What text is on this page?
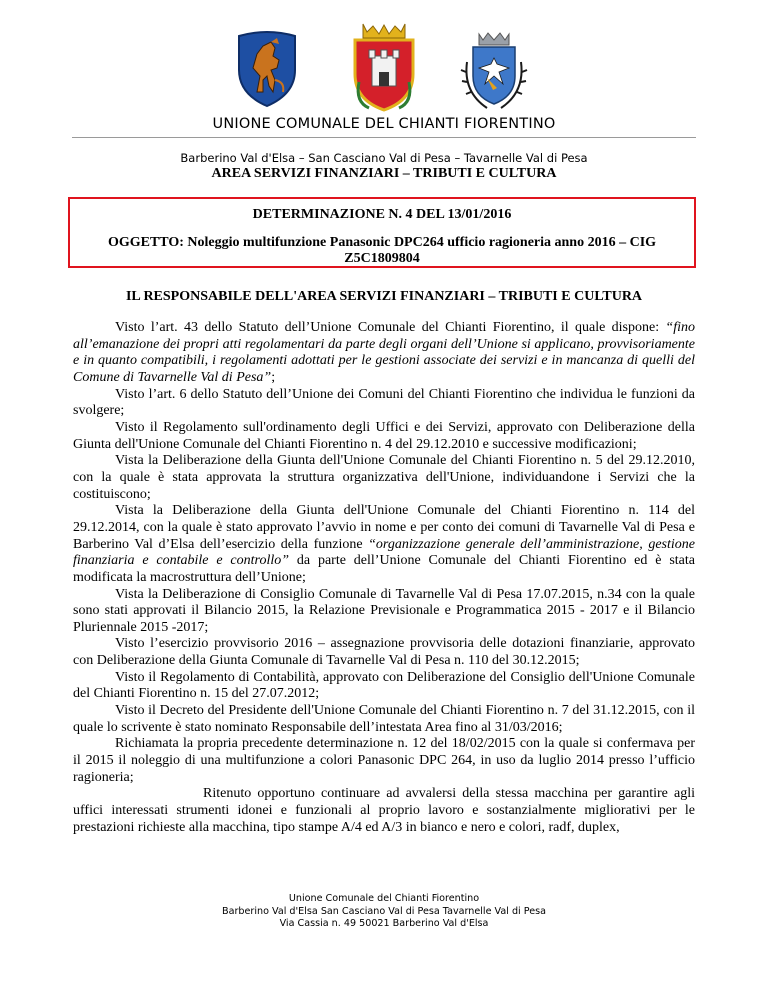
UNIONE COMUNALE DEL CHIANTI FIORENTINO
Barberino Val d'Elsa – San Casciano Val di Pesa – Tavarnelle Val di Pesa
AREA SERVIZI FINANZIARI – TRIBUTI E CULTURA
DETERMINAZIONE N. 4 DEL 13/01/2016
OGGETTO: Noleggio multifunzione Panasonic DPC264 ufficio ragioneria anno 2016 – CIG Z5C1809804
IL RESPONSABILE DELL'AREA SERVIZI FINANZIARI – TRIBUTI E CULTURA

Visto l’art. 43 dello Statuto dell’Unione Comunale del Chianti Fiorentino, il quale dispone: “fino all’emanazione dei propri atti regolamentari da parte degli organi dell’Unione si applicano, provvisoriamente e in quanto compatibili, i regolamenti adottati per le gestioni associate dei servizi e in mancanza di quelli del Comune di Tavarnelle Val di Pesa”;

Visto l’art. 6 dello Statuto dell’Unione dei Comuni del Chianti Fiorentino che individua le funzioni da svolgere;

Visto il Regolamento sull'ordinamento degli Uffici e dei Servizi, approvato con Deliberazione della Giunta dell'Unione Comunale del Chianti Fiorentino n. 4 del 29.12.2010 e successive modificazioni;

Vista la Deliberazione della Giunta dell'Unione Comunale del Chianti Fiorentino n. 5 del 29.12.2010, con la quale è stata approvata la struttura organizzativa dell'Unione, individuandone i Servizi che la costituiscono;

Vista la Deliberazione della Giunta dell'Unione Comunale del Chianti Fiorentino n. 114 del 29.12.2014, con la quale è stato approvato l’avvio in nome e per conto dei comuni di Tavarnelle Val di Pesa e Barberino Val d’Elsa dell’esercizio della funzione “organizzazione generale dell’amministrazione, gestione finanziaria e contabile e controllo” da parte dell’Unione Comunale del Chianti Fiorentino ed è stata modificata la macrostruttura dell’Unione;

Vista la Deliberazione di Consiglio Comunale di Tavarnelle Val di Pesa 17.07.2015, n.34 con la quale sono stati approvati il Bilancio 2015, la Relazione Previsionale e Programmatica 2015 - 2017 e il Bilancio Pluriennale 2015 -2017;

Visto l’esercizio provvisorio 2016 – assegnazione provvisoria delle dotazioni finanziarie, approvato con Deliberazione della Giunta Comunale di Tavarnelle Val di Pesa n. 110 del 30.12.2015;

Visto il Regolamento di Contabilità, approvato con Deliberazione del Consiglio dell'Unione Comunale del Chianti Fiorentino n. 15 del 27.07.2012;

Visto il Decreto del Presidente dell'Unione Comunale del Chianti Fiorentino n. 7 del 31.12.2015, con il quale lo scrivente è stato nominato Responsabile dell’intestata Area fino al 31/03/2016;

Richiamata la propria precedente determinazione n. 12 del 18/02/2015 con la quale si confermava per il 2015 il noleggio di una multifunzione a colori Panasonic DPC 264, in uso da luglio 2014 presso l’ufficio ragioneria;

Ritenuto opportuno continuare ad avvalersi della stessa macchina per garantire agli uffici interessati strumenti idonei e funzionali al proprio lavoro e sostanzialmente migliorativi per le prestazioni richieste alla macchina, tipo stampe A/4 ed A/3 in bianco e nero e colori, radf, duplex,

Unione Comunale del Chianti Fiorentino
Barberino Val d'Elsa San Casciano Val di Pesa Tavarnelle Val di Pesa
Via Cassia n. 49 50021 Barberino Val d'Elsa
